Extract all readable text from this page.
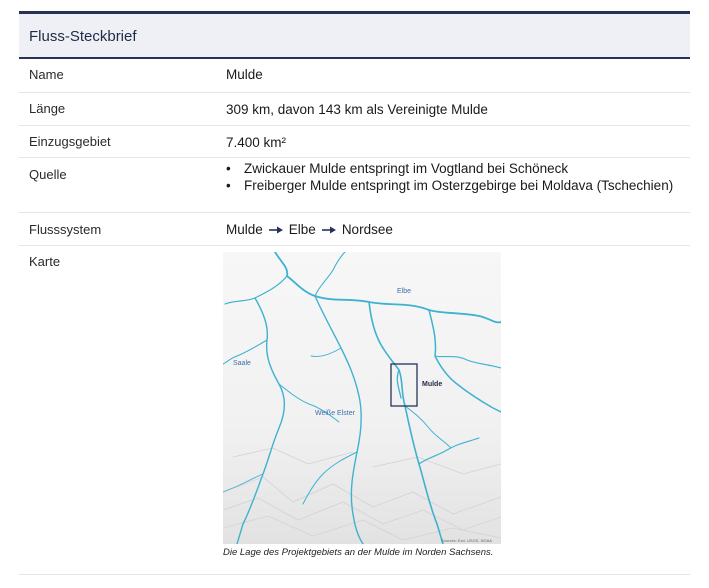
Fluss-Steckbrief
Name	Mulde
Länge	309 km, davon 143 km als Vereinigte Mulde
Einzugsgebiet	7.400 km²
Quelle	• Zwickauer Mulde entspringt im Vogtland bei Schöneck
• Freiberger Mulde entspringt im Osterzgebirge bei Moldava (Tschechien)
Flusssystem	Mulde Elbe Nordsee
Karte
Elbe
Saale
Weiße Elster
Mulde
Sources: Esri, USGS, NOAA
Die Lage des Projektgebiets an der Mulde im Norden Sachsens.
